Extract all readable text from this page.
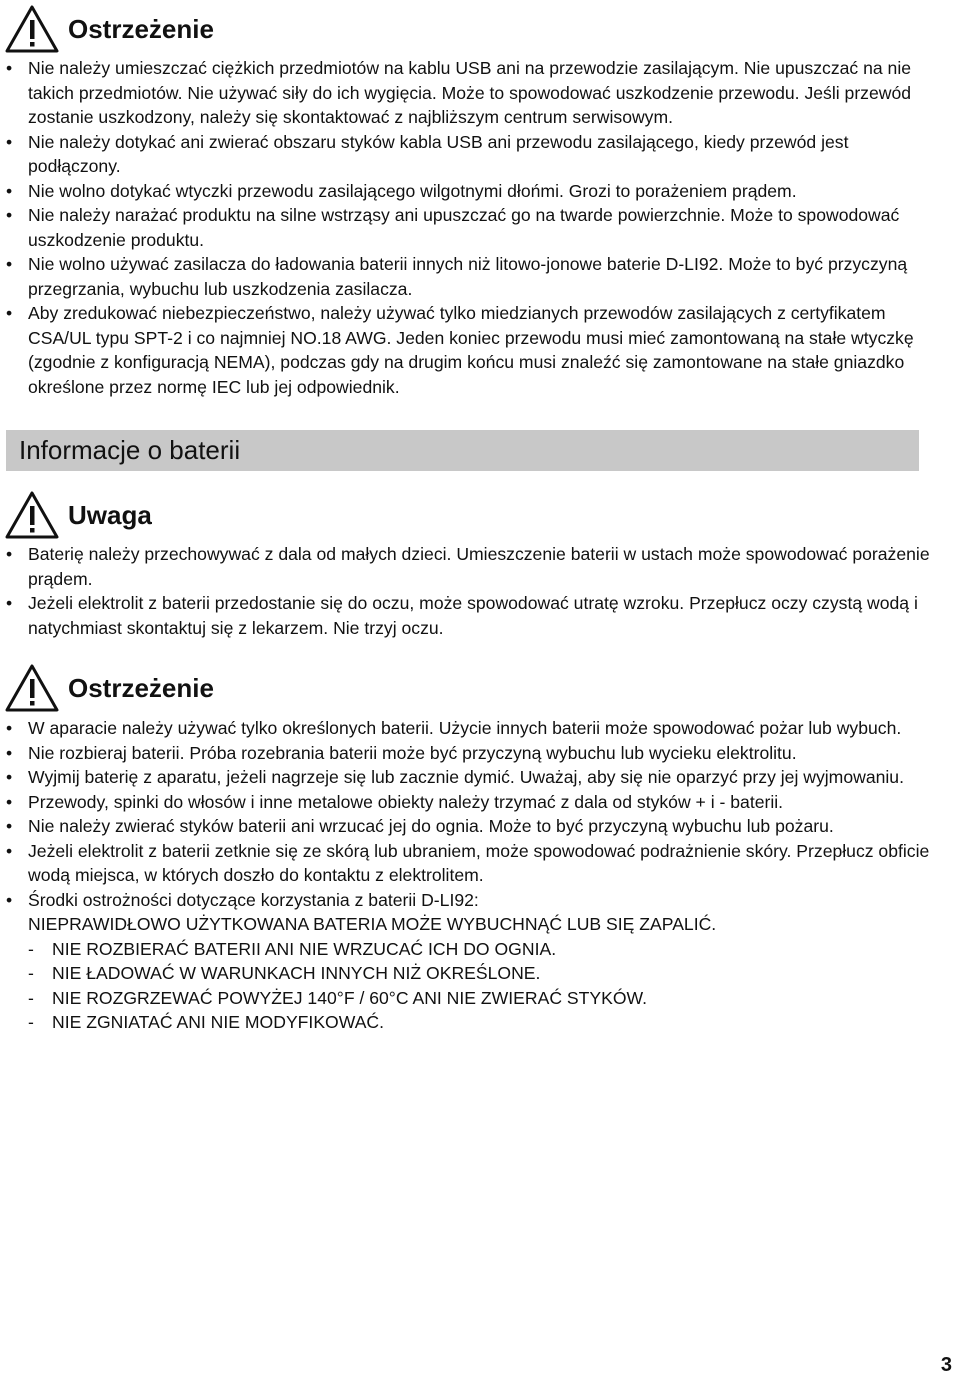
Ostrzeżenie
• Nie należy umieszczać ciężkich przedmiotów na kablu USB ani na przewodzie zasilającym. Nie upuszczać na nie takich przedmiotów. Nie używać siły do ich wygięcia. Może to spowodować uszkodzenie przewodu. Jeśli przewód zostanie uszkodzony, należy się skontaktować z najbliższym centrum serwisowym.
• Nie należy dotykać ani zwierać obszaru styków kabla USB ani przewodu zasilającego, kiedy przewód jest podłączony.
• Nie wolno dotykać wtyczki przewodu zasilającego wilgotnymi dłońmi. Grozi to porażeniem prądem.
• Nie należy narażać produktu na silne wstrząsy ani upuszczać go na twarde powierzchnie. Może to spowodować uszkodzenie produktu.
• Nie wolno używać zasilacza do ładowania baterii innych niż litowo-jonowe baterie D-LI92. Może to być przyczyną przegrzania, wybuchu lub uszkodzenia zasilacza.
• Aby zredukować niebezpieczeństwo, należy używać tylko miedzianych przewodów zasilających z certyfikatem CSA/UL typu SPT-2 i co najmniej NO.18 AWG. Jeden koniec przewodu musi mieć zamontowaną na stałe wtyczkę (zgodnie z konfiguracją NEMA), podczas gdy na drugim końcu musi znaleźć się zamontowane na stałe gniazdko określone przez normę IEC lub jej odpowiednik.
Informacje o baterii
Uwaga
• Baterię należy przechowywać z dala od małych dzieci. Umieszczenie baterii w ustach może spowodować porażenie prądem.
• Jeżeli elektrolit z baterii przedostanie się do oczu, może spowodować utratę wzroku. Przepłucz oczy czystą wodą i natychmiast skontaktuj się z lekarzem. Nie trzyj oczu.
Ostrzeżenie
• W aparacie należy używać tylko określonych baterii. Użycie innych baterii może spowodować pożar lub wybuch.
• Nie rozbieraj baterii. Próba rozebrania baterii może być przyczyną wybuchu lub wycieku elektrolitu.
• Wyjmij baterię z aparatu, jeżeli nagrzeje się lub zacznie dymić. Uważaj, aby się nie oparzyć przy jej wyjmowaniu.
• Przewody, spinki do włosów i inne metalowe obiekty należy trzymać z dala od styków + i - baterii.
• Nie należy zwierać styków baterii ani wrzucać jej do ognia. Może to być przyczyną wybuchu lub pożaru.
• Jeżeli elektrolit z baterii zetknie się ze skórą lub ubraniem, może spowodować podrażnienie skóry. Przepłucz obficie wodą miejsca, w których doszło do kontaktu z elektrolitem.
• Środki ostrożności dotyczące korzystania z baterii D-LI92:
NIEPRAWIDŁOWO UŻYTKOWANA BATERIA MOŻE WYBUCHNĄĆ LUB SIĘ ZAPALIĆ.
- NIE ROZBIERAĆ BATERII ANI NIE WRZUCAĆ ICH DO OGNIA.
- NIE ŁADOWAĆ W WARUNKACH INNYCH NIŻ OKREŚLONE.
- NIE ROZGRZEWAĆ POWYŻEJ 140°F / 60°C ANI NIE ZWIERAĆ STYKÓW.
- NIE ZGNIATAĆ ANI NIE MODYFIKOWAĆ.
3
